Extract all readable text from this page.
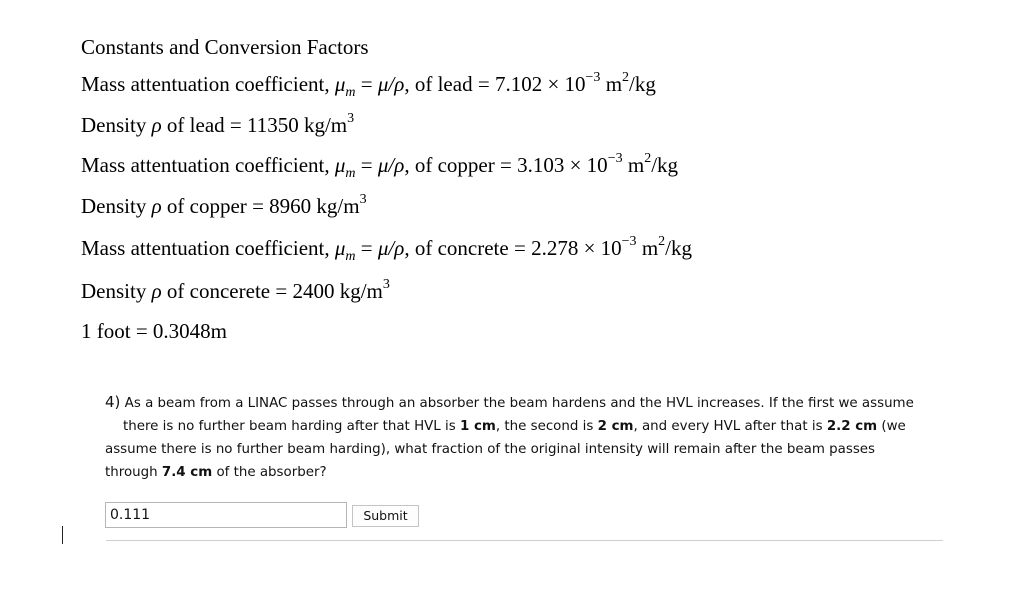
Constants and Conversion Factors
Mass attentuation coefficient, $\mu_m = \mu/\rho$, of lead = $7.102 \times 10^{-3}$ $m^2/kg$
Density ρ of lead = 11350 $kg/m^3$
Mass attentuation coefficient, $\mu_m = \mu/\rho$, of copper = $3.103 \times 10^{-3}$ $m^2/kg$
Density ρ of copper = 8960 $kg/m^3$
Mass attentuation coefficient, $\mu_m = \mu/\rho$, of concrete = $2.278 \times 10^{-3}$ $m^2/kg$
Density ρ of concerete = 2400 $kg/m^3$
1 foot = 0.3048m
4) As a beam from a LINAC passes through an absorber the beam hardens and the HVL increases. If the first we assume
there is no further beam harding after that HVL is 1 cm, the second is 2 cm, and every HVL after that is 2.2 cm (we
assume there is no further beam harding), what fraction of the original intensity will remain after the beam passes
through 7.4 cm of the absorber?
0.111
Submit
